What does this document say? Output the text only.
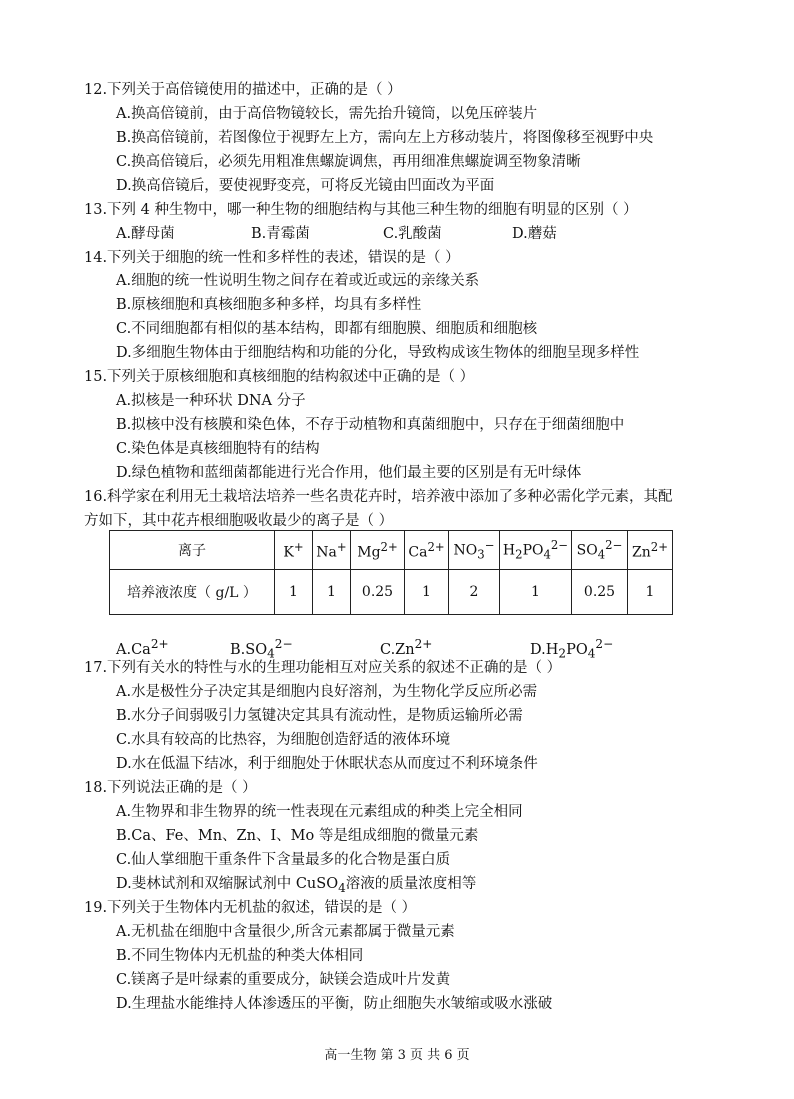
12.下列关于高倍镜使用的描述中，正确的是（ ）
A.换高倍镜前，由于高倍物镜较长，需先抬升镜筒，以免压碎装片
B.换高倍镜前，若图像位于视野左上方，需向左上方移动装片，将图像移至视野中央
C.换高倍镜后，必须先用粗准焦螺旋调焦，再用细准焦螺旋调至物象清晰
D.换高倍镜后，要使视野变亮，可将反光镜由凹面改为平面
13.下列 4 种生物中，哪一种生物的细胞结构与其他三种生物的细胞有明显的区别（ ）
A.酵母菌	B.青霉菌	C.乳酸菌	D.蘑菇
14.下列关于细胞的统一性和多样性的表述，错误的是（ ）
A.细胞的统一性说明生物之间存在着或近或远的亲缘关系
B.原核细胞和真核细胞多种多样，均具有多样性
C.不同细胞都有相似的基本结构，即都有细胞膜、细胞质和细胞核
D.多细胞生物体由于细胞结构和功能的分化，导致构成该生物体的细胞呈现多样性
15.下列关于原核细胞和真核细胞的结构叙述中正确的是（ ）
A.拟核是一种环状 DNA 分子
B.拟核中没有核膜和染色体，不存于动植物和真菌细胞中，只存在于细菌细胞中
C.染色体是真核细胞特有的结构
D.绿色植物和蓝细菌都能进行光合作用，他们最主要的区别是有无叶绿体
16.科学家在利用无土栽培法培养一些名贵花卉时，培养液中添加了多种必需化学元素，其配
方如下，其中花卉根细胞吸收最少的离子是（ ）
离子	K+	Na+	$Mg^{2+}$	$Ca^{2+}$	$NO_3^-$	$H_2PO_4^{2-}$	$SO_4^{2-}$	$Zn^{2+}$
培养液浓度（ g/L ）	1	1	0.25	1	2	1	0.25	1
$A.Ca^{2+}$	$B.SO_4^{2-}$	$C.Zn^{2+}$	$D.H_2PO_4^{2-}$
17.下列有关水的特性与水的生理功能相互对应关系的叙述不正确的是（ ）
A.水是极性分子决定其是细胞内良好溶剂，为生物化学反应所必需
B.水分子间弱吸引力氢键决定其具有流动性，是物质运输所必需
C.水具有较高的比热容，为细胞创造舒适的液体环境
D.水在低温下结冰，利于细胞处于休眠状态从而度过不利环境条件
18.下列说法正确的是（ ）
A.生物界和非生物界的统一性表现在元素组成的种类上完全相同
B.Ca、Fe、Mn、Zn、I、Mo 等是组成细胞的微量元素
C.仙人掌细胞干重条件下含量最多的化合物是蛋白质
D.斐林试剂和双缩脲试剂中 CuSO$_4$溶液的质量浓度相等
19.下列关于生物体内无机盐的叙述，错误的是（ ）
A.无机盐在细胞中含量很少,所含元素都属于微量元素
B.不同生物体内无机盐的种类大体相同
C.镁离子是叶绿素的重要成分，缺镁会造成叶片发黄
D.生理盐水能维持人体渗透压的平衡，防止细胞失水皱缩或吸水涨破
高一生物 第 3 页 共 6 页
